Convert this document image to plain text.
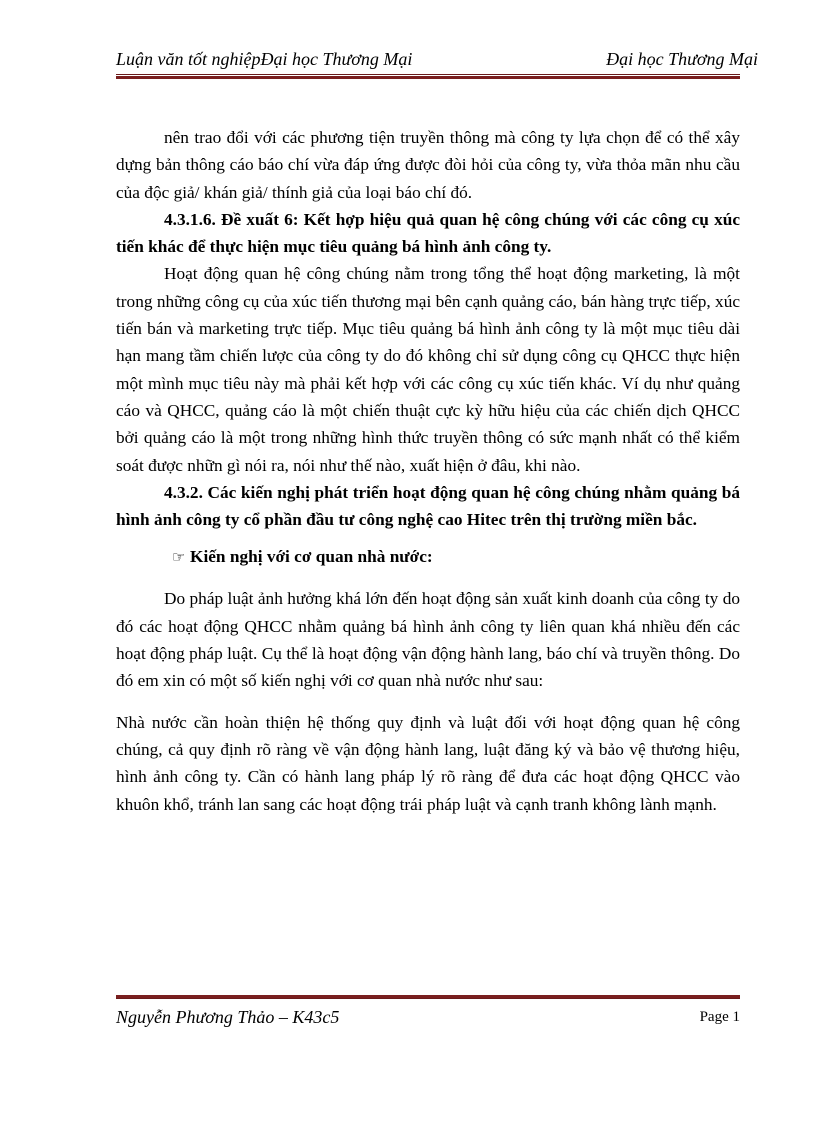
Luận văn tốt nghiệpĐại học Thương Mại	Đại học Thương Mại

nên trao đổi với các phương tiện truyền thông mà công ty lựa chọn để có thể xây dựng bản thông cáo báo chí vừa đáp ứng được đòi hỏi của công ty, vừa thỏa mãn nhu cầu của độc giả/ khán giả/ thính giả của loại báo chí đó.

4.3.1.6. Đề xuất 6: Kết hợp hiệu quả quan hệ công chúng với các công cụ xúc tiến khác để thực hiện mục tiêu quảng bá hình ảnh công ty.

Hoạt động quan hệ công chúng nằm trong tổng thể hoạt động marketing, là một trong những công cụ của xúc tiến thương mại bên cạnh quảng cáo, bán hàng trực tiếp, xúc tiến bán và marketing trực tiếp. Mục tiêu quảng bá hình ảnh công ty là một mục tiêu dài hạn mang tầm chiến lược của công ty do đó không chỉ sử dụng công cụ QHCC thực hiện một mình mục tiêu này mà phải kết hợp với các công cụ xúc tiến khác. Ví dụ như quảng cáo và QHCC, quảng cáo là một chiến thuật cực kỳ hữu hiệu của các chiến dịch QHCC bởi quảng cáo là một trong những hình thức truyền thông có sức mạnh nhất có thể kiểm soát được nhữn gì nói ra, nói như thế nào, xuất hiện ở đâu, khi nào.

4.3.2. Các kiến nghị phát triển hoạt động quan hệ công chúng nhằm quảng bá hình ảnh công ty cổ phần đầu tư công nghệ cao Hitec trên thị trường miền bắc.

☞ Kiến nghị với cơ quan nhà nước:

Do pháp luật ảnh hưởng khá lớn đến hoạt động sản xuất kinh doanh của công ty do đó các hoạt động QHCC nhằm quảng bá hình ảnh công ty liên quan khá nhiều đến các hoạt động pháp luật. Cụ thể là hoạt động vận động hành lang, báo chí và truyền thông. Do đó em xin có một số kiến nghị với cơ quan nhà nước như sau:

Nhà nước cần hoàn thiện hệ thống quy định và luật đối với hoạt động quan hệ công chúng, cả quy định rõ ràng về vận động hành lang, luật đăng ký và bảo vệ thương hiệu, hình ảnh công ty. Cần có hành lang pháp lý rõ ràng để đưa các hoạt động QHCC vào khuôn khổ, tránh lan sang các hoạt động trái pháp luật và cạnh tranh không lành mạnh.

Nguyễn Phương Thảo – K43c5	Page 1
